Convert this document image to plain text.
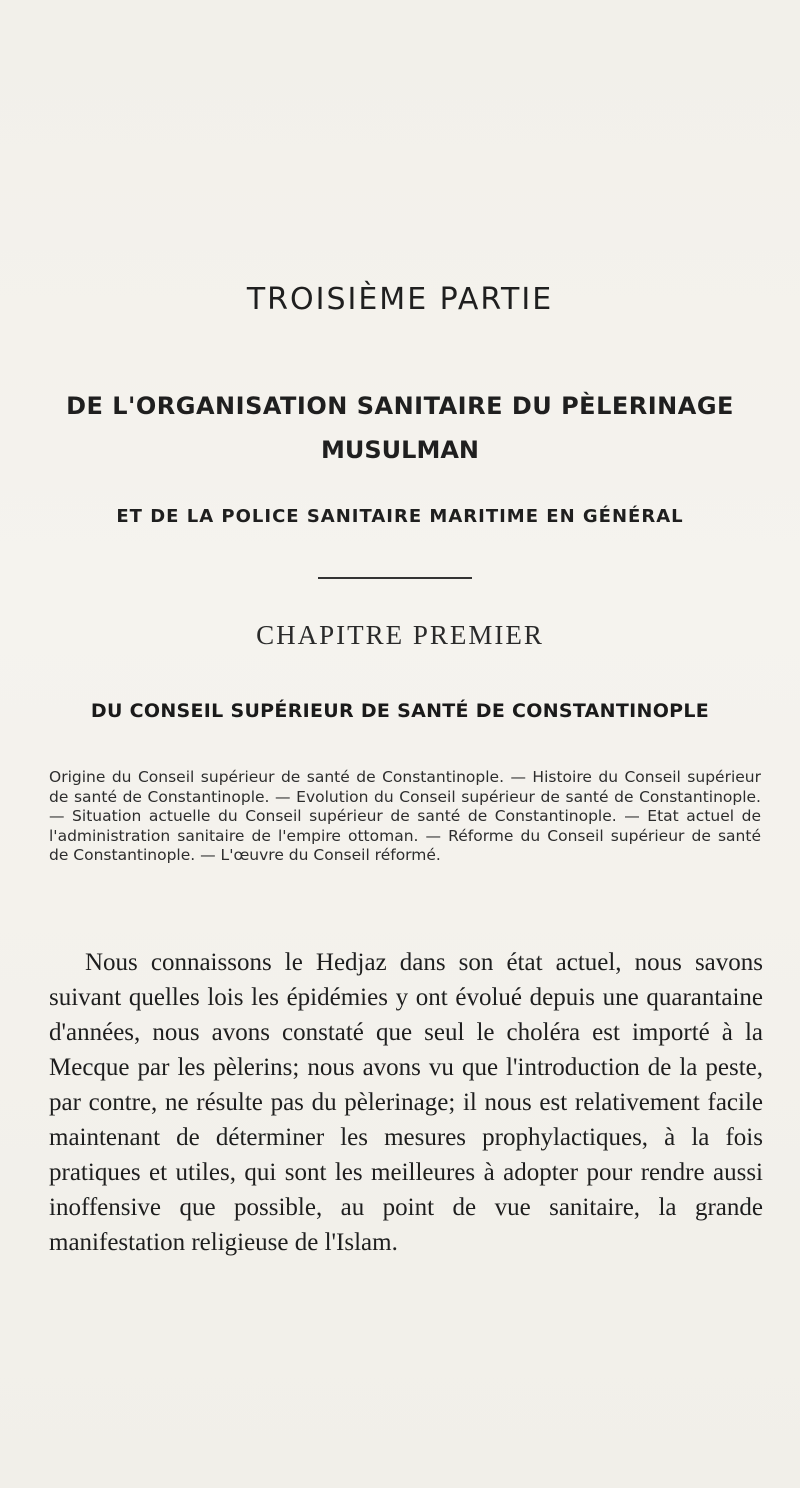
TROISIÈME PARTIE
DE L'ORGANISATION SANITAIRE DU PÈLERINAGE
MUSULMAN
ET DE LA POLICE SANITAIRE MARITIME EN GÉNÉRAL
CHAPITRE PREMIER
DU CONSEIL SUPÉRIEUR DE SANTÉ DE CONSTANTINOPLE
Origine du Conseil supérieur de santé de Constantinople. — Histoire du Conseil supérieur de santé de Constantinople. — Evolution du Conseil supérieur de santé de Constantinople. — Situation actuelle du Conseil supérieur de santé de Constantinople. — Etat actuel de l'administration sanitaire de l'empire ottoman. — Réforme du Conseil supérieur de santé de Constantinople. — L'œuvre du Conseil réformé.
Nous connaissons le Hedjaz dans son état actuel, nous savons suivant quelles lois les épidémies y ont évolué depuis une quarantaine d'années, nous avons constaté que seul le choléra est importé à la Mecque par les pèlerins; nous avons vu que l'introduction de la peste, par contre, ne résulte pas du pèlerinage; il nous est relativement facile maintenant de déterminer les mesures prophylactiques, à la fois pratiques et utiles, qui sont les meilleures à adopter pour rendre aussi inoffensive que possible, au point de vue sanitaire, la grande manifestation religieuse de l'Islam.
